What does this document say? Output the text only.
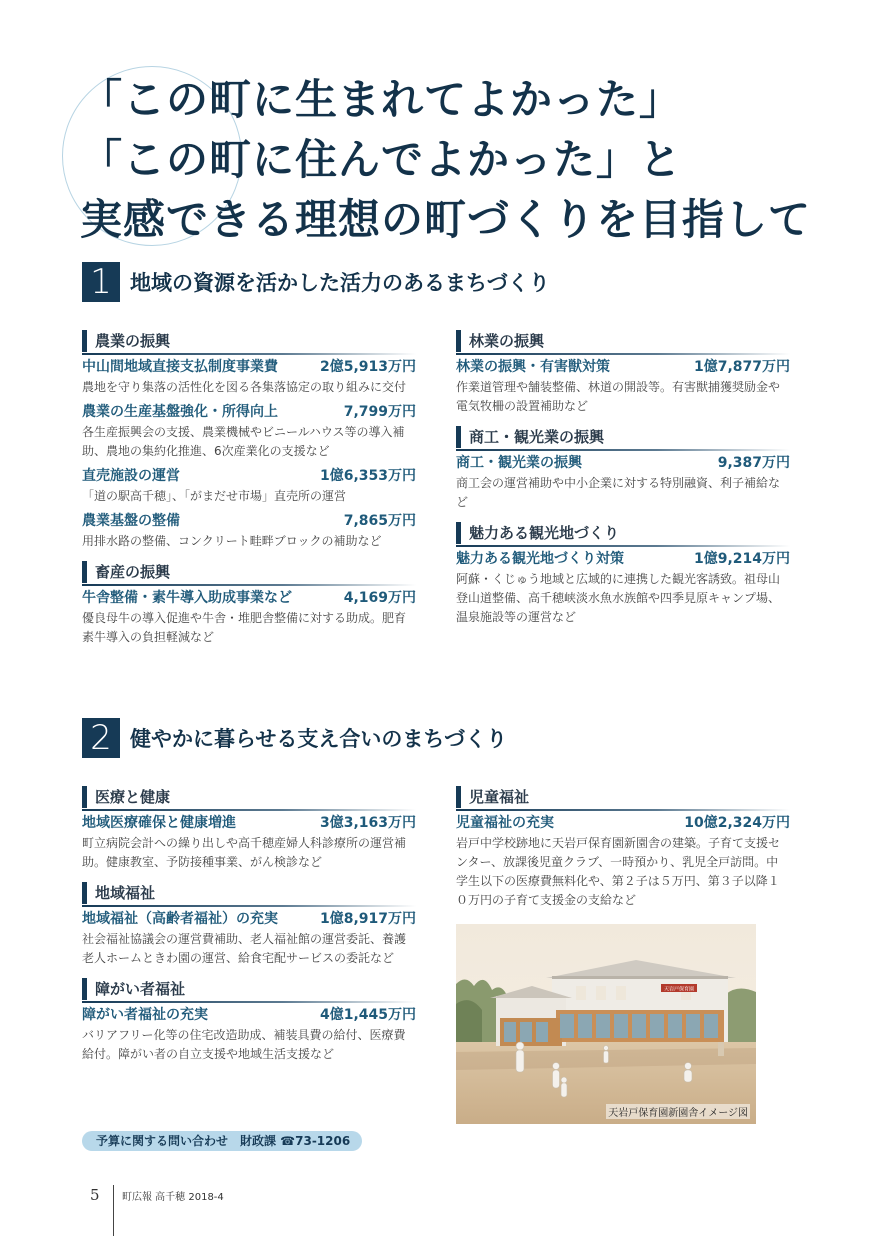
「この町に生まれてよかった」
「この町に住んでよかった」と
実感できる理想の町づくりを目指して
1 地域の資源を活かした活力のあるまちづくり
農業の振興
中山間地域直接支払制度事業費	2億5,913万円
農地を守り集落の活性化を図る各集落協定の取り組みに交付
農業の生産基盤強化・所得向上	7,799万円
各生産振興会の支援、農業機械やビニールハウス等の導入補助、農地の集約化推進、6次産業化の支援など
直売施設の運営	1億6,353万円
「道の駅高千穂」、「がまだせ市場」直売所の運営
農業基盤の整備	7,865万円
用排水路の整備、コンクリート畦畔ブロックの補助など
畜産の振興
牛舎整備・素牛導入助成事業など	4,169万円
優良母牛の導入促進や牛舎・堆肥舎整備に対する助成。肥育素牛導入の負担軽減など
林業の振興
林業の振興・有害獣対策	1億7,877万円
作業道管理や舗装整備、林道の開設等。有害獣捕獲奨励金や電気牧柵の設置補助など
商工・観光業の振興
商工・観光業の振興	9,387万円
商工会の運営補助や中小企業に対する特別融資、利子補給など
魅力ある観光地づくり
魅力ある観光地づくり対策	1億9,214万円
阿蘇・くじゅう地域と広域的に連携した観光客誘致。祖母山登山道整備、高千穂峡淡水魚水族館や四季見原キャンプ場、温泉施設等の運営など
2 健やかに暮らせる支え合いのまちづくり
医療と健康
地域医療確保と健康増進	3億3,163万円
町立病院会計への繰り出しや高千穂産婦人科診療所の運営補助。健康教室、予防接種事業、がん検診など
地域福祉
地域福祉（高齢者福祉）の充実	1億8,917万円
社会福祉協議会の運営費補助、老人福祉館の運営委託、養護老人ホームときわ園の運営、給食宅配サービスの委託など
障がい者福祉
障がい者福祉の充実	4億1,445万円
バリアフリー化等の住宅改造助成、補装具費の給付、医療費給付。障がい者の自立支援や地域生活支援など
児童福祉
児童福祉の充実	10億2,324万円
岩戸中学校跡地に天岩戸保育園新園舎の建築。子育て支援センター、放課後児童クラブ、一時預かり、乳児全戸訪問。中学生以下の医療費無料化や、第２子は５万円、第３子以降１０万円の子育て支援金の支給など
天岩戸保育園
天岩戸保育園新園舎イメージ図
予算に関する問い合わせ　財政課 ☎73-1206
5 町広報 高千穂 2018-4
